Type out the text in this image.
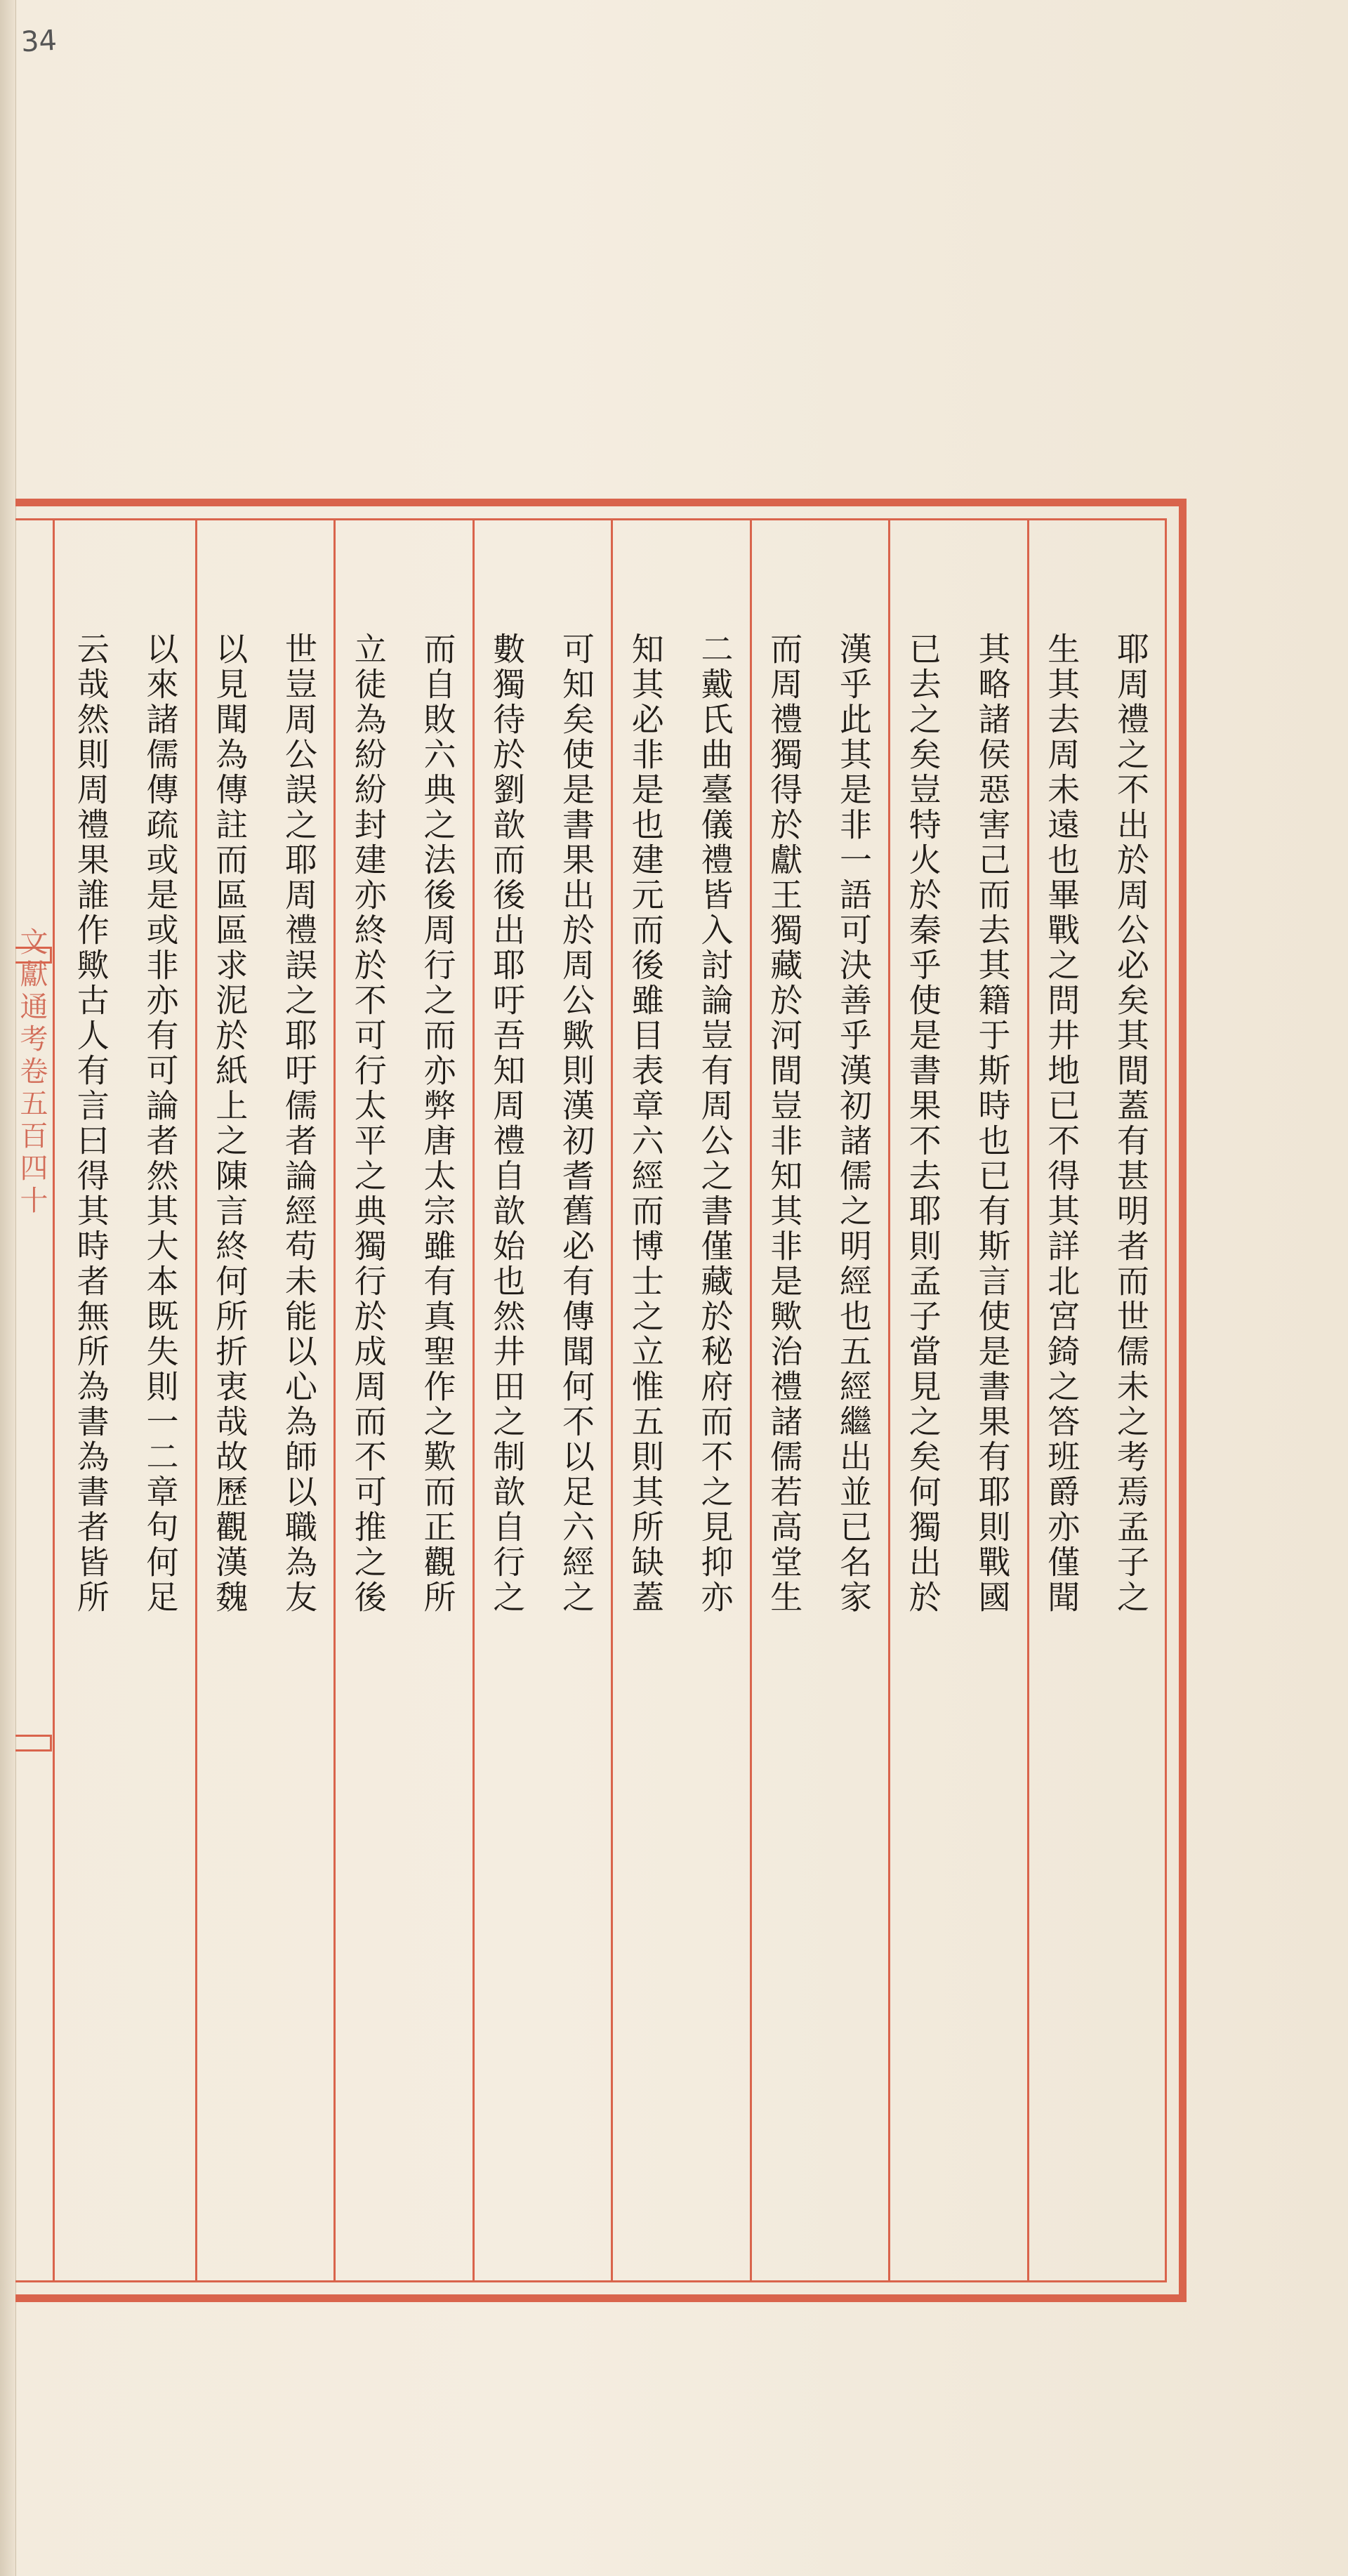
34
文獻通考卷五百四十	耶周禮之不出於周公必矣其間蓋有甚明者而世儒未之考焉孟子之
生其去周未遠也畢戰之問井地已不得其詳北宮錡之答班爵亦僅聞
其略諸侯惡害己而去其籍于斯時也已有斯言使是書果有耶則戰國
已去之矣豈特火於秦乎使是書果不去耶則孟子當見之矣何獨出於
漢乎此其是非一語可決善乎漢初諸儒之明經也五經繼出並已名家
而周禮獨得於獻王獨藏於河間豈非知其非是歟治禮諸儒若高堂生
二戴氏曲臺儀禮皆入討論豈有周公之書僅藏於秘府而不之見抑亦
知其必非是也建元而後雖目表章六經而博士之立惟五則其所缺蓋
可知矣使是書果出於周公歟則漢初耆舊必有傳聞何不以足六經之
數獨待於劉歆而後出耶吁吾知周禮自歆始也然井田之制歆自行之
而自敗六典之法後周行之而亦弊唐太宗雖有真聖作之歎而正觀所
立徒為紛紛封建亦終於不可行太平之典獨行於成周而不可推之後
世豈周公誤之耶周禮誤之耶吁儒者論經苟未能以心為師以職為友
以見聞為傳註而區區求泥於紙上之陳言終何所折衷哉故歷觀漢魏
以來諸儒傳疏或是或非亦有可論者然其大本既失則一二章句何足
云哉然則周禮果誰作歟古人有言曰得其時者無所為書為書者皆所
